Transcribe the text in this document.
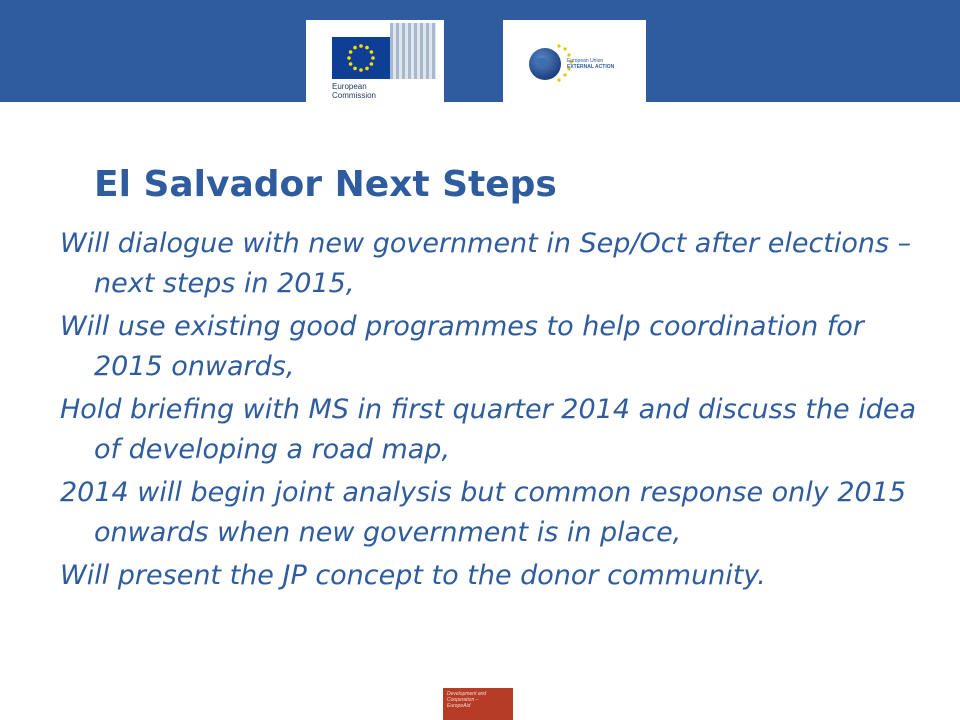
European
Commission
European Union
EXTERNAL ACTION
El Salvador Next Steps
Will dialogue with new government in Sep/Oct after elections – next steps in 2015,
Will use existing good programmes to help coordination for 2015 onwards,
Hold briefing with MS in first quarter 2014 and discuss the idea of developing a road map,
2014 will begin joint analysis but common response only 2015 onwards when new government is in place,
Will present the JP concept to the donor community.
Development and
Cooperation –
EuropeAid
